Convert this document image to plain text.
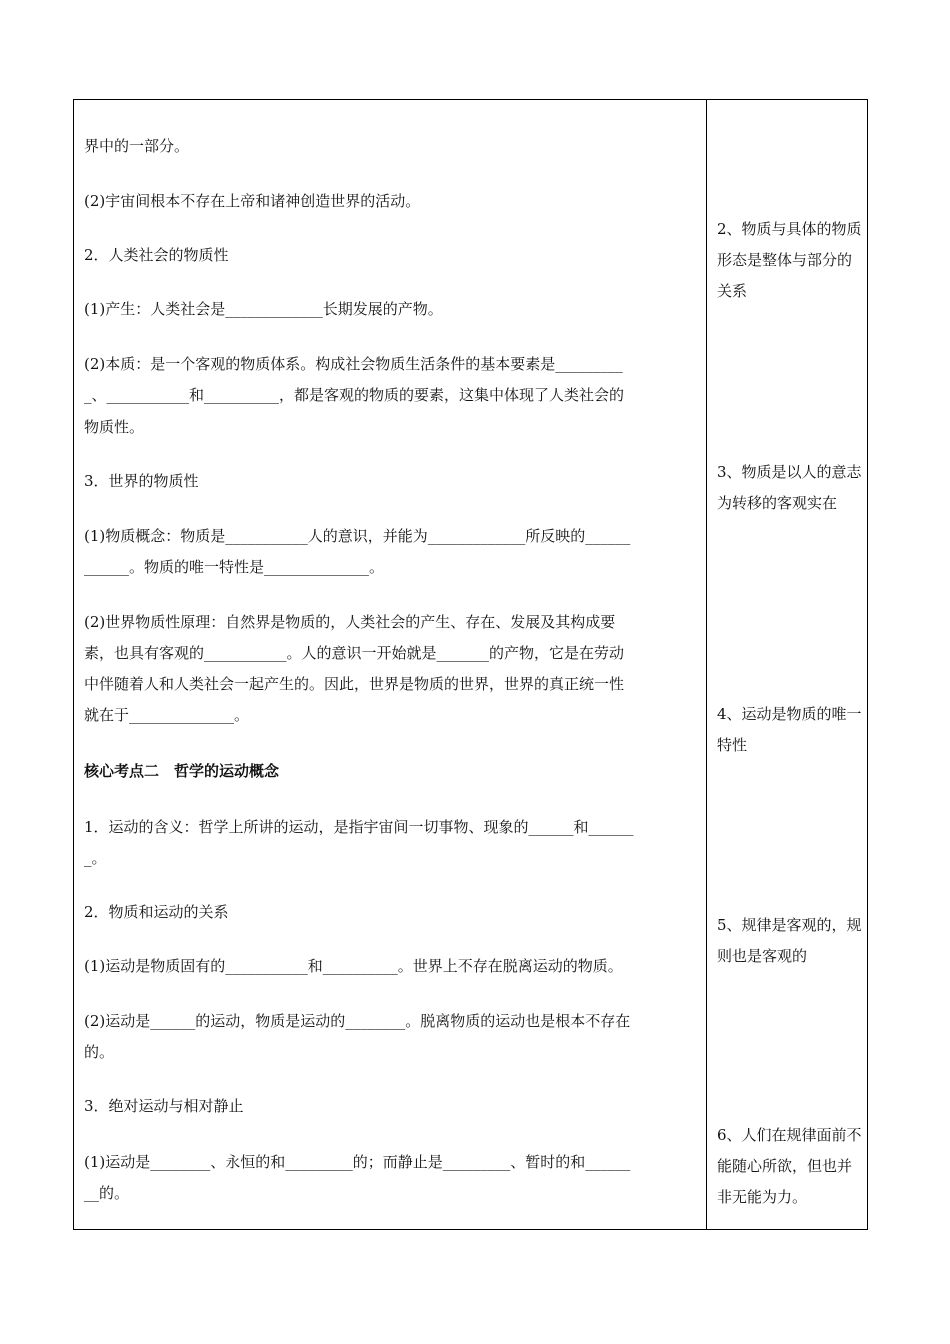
界中的一部分。

(2)宇宙间根本不存在上帝和诸神创造世界的活动。

2．人类社会的物质性

(1)产生：人类社会是_____________长期发展的产物。

(2)本质：是一个客观的物质体系。构成社会物质生活条件的基本要素是_________

_、___________和__________，都是客观的物质的要素，这集中体现了人类社会的

物质性。

3．世界的物质性

(1)物质概念：物质是___________人的意识，并能为_____________所反映的______

______。物质的唯一特性是______________。

(2)世界物质性原理：自然界是物质的，人类社会的产生、存在、发展及其构成要

素，也具有客观的___________。人的意识一开始就是_______的产物，它是在劳动

中伴随着人和人类社会一起产生的。因此，世界是物质的世界，世界的真正统一性

就在于______________。

核心考点二　哲学的运动概念

1．运动的含义：哲学上所讲的运动，是指宇宙间一切事物、现象的______和______

_。

2．物质和运动的关系

(1)运动是物质固有的___________和__________。世界上不存在脱离运动的物质。

(2)运动是______的运动，物质是运动的________。脱离物质的运动也是根本不存在

的。

3．绝对运动与相对静止

(1)运动是________、永恒的和_________的；而静止是_________、暂时的和______

__的。

2、物质与具体的物质形态是整体与部分的关系

3、物质是以人的意志为转移的客观实在

4、运动是物质的唯一特性

5、规律是客观的，规则也是客观的

6、人们在规律面前不能随心所欲，但也并非无能为力。
